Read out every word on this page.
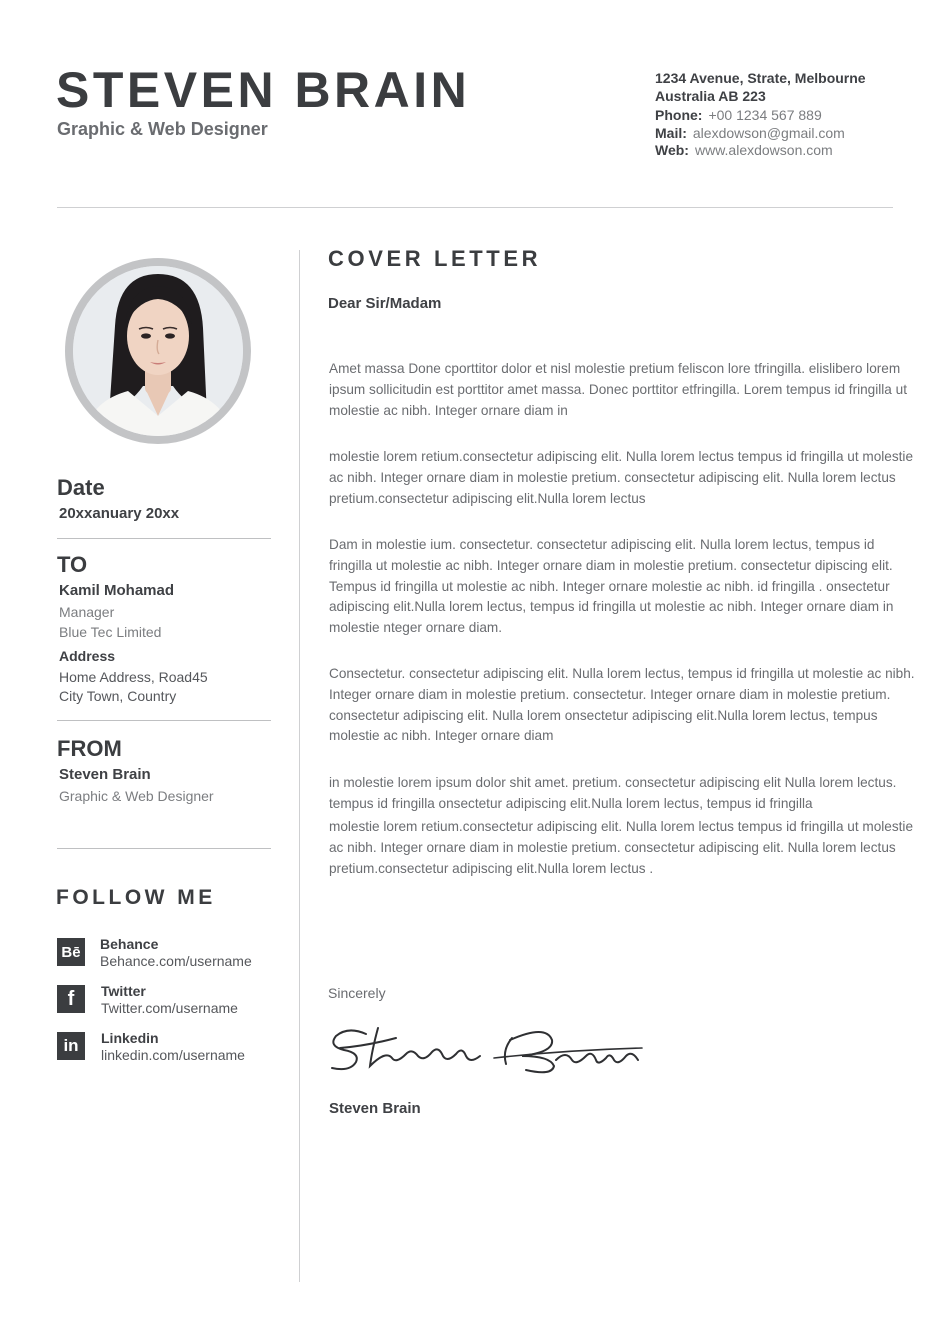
STEVEN BRAIN
Graphic & Web Designer
1234 Avenue, Strate, Melbourne
Australia AB 223
Phone: +00 1234 567 889
Mail: alexdowson@gmail.com
Web: www.alexdowson.com
Date
20xxanuary 20xx
TO
Kamil Mohamad
Manager
Blue Tec Limited
Address
Home Address, Road45
City Town, Country
FROM
Steven Brain
Graphic & Web Designer
FOLLOW ME
Bē	Behance
Behance.com/username
f	Twitter
Twitter.com/username
in	Linkedin
linkedin.com/username
COVER LETTER
Dear Sir/Madam

Amet massa Done cporttitor dolor et nisl molestie pretium feliscon lore tfringilla. elislibero lorem ipsum sollicitudin est porttitor amet massa. Donec porttitor etfringilla. Lorem tempus id fringilla ut molestie ac nibh. Integer ornare diam in

molestie lorem retium.consectetur adipiscing elit. Nulla lorem lectus tempus id fringilla ut molestie ac nibh. Integer ornare diam in molestie pretium. consectetur adipiscing elit. Nulla lorem lectus pretium.consectetur adipiscing elit.Nulla lorem lectus

Dam in molestie ium. consectetur. consectetur adipiscing elit. Nulla lorem lectus, tempus id fringilla ut molestie ac nibh. Integer ornare diam in molestie pretium. consectetur dipiscing elit. Tempus id fringilla ut molestie ac nibh. Integer ornare molestie ac nibh. id fringilla . onsectetur adipiscing elit.Nulla lorem lectus, tempus id fringilla ut molestie ac nibh. Integer ornare diam in molestie nteger ornare diam.

Consectetur. consectetur adipiscing elit. Nulla lorem lectus, tempus id fringilla ut molestie ac nibh. Integer ornare diam in molestie pretium. consectetur. Integer ornare diam in molestie pretium. consectetur adipiscing elit. Nulla lorem onsectetur adipiscing elit.Nulla lorem lectus, tempus molestie ac nibh. Integer ornare diam

in molestie lorem ipsum dolor shit amet. pretium. consectetur adipiscing elit Nulla lorem lectus. tempus id fringilla onsectetur adipiscing elit.Nulla lorem lectus, tempus id fringilla

molestie lorem retium.consectetur adipiscing elit. Nulla lorem lectus tempus id fringilla ut molestie ac nibh. Integer ornare diam in molestie pretium. consectetur adipiscing elit. Nulla lorem lectus pretium.consectetur adipiscing elit.Nulla lorem lectus .

Sincerely
Steven Brain
